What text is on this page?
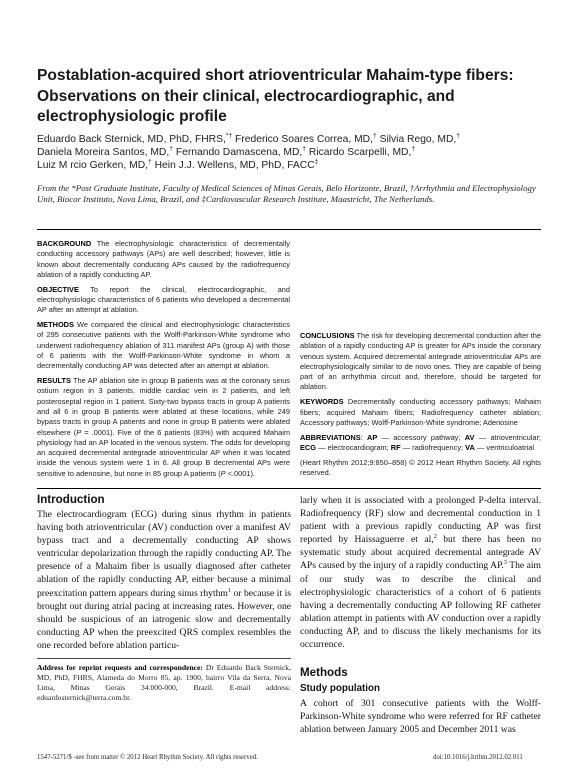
Postablation-acquired short atrioventricular Mahaim-type fibers: Observations on their clinical, electrocardiographic, and electrophysiologic profile
Eduardo Back Sternick, MD, PhD, FHRS,*† Frederico Soares Correa, MD,† Silvia Rego, MD,†
Daniela Moreira Santos, MD,† Fernando Damascena, MD,† Ricardo Scarpelli, MD,†
Luiz M rcio Gerken, MD,† Hein J.J. Wellens, MD, PhD, FACC‡
From the *Post Graduate Institute, Faculty of Medical Sciences of Minas Gerais, Belo Horizonte, Brazil, †Arrhythmia and Electrophysiology Unit, Biocor Instituto, Nova Lima, Brazil, and ‡Cardiovascular Research Institute, Maastricht, The Netherlands.

BACKGROUND The electrophysiologic characteristics of decrementally conducting accessory pathways (APs) are well described; however, little is known about decrementally conducting APs caused by the radiofrequency ablation of a rapidly conducting AP.

OBJECTIVE To report the clinical, electrocardiographic, and electrophysiologic characteristics of 6 patients who developed a decremental AP after an attempt at ablation.

METHODS We compared the clinical and electrophysiologic characteristics of 295 consecutive patients with the Wolff-Parkinson-White syndrome who underwent radiofrequency ablation of 311 manifest APs (group A) with those of 6 patients with the Wolff-Parkinson-White syndrome in whom a decrementally conducting AP was detected after an attempt at ablation.

RESULTS The AP ablation site in group B patients was at the coronary sinus ostium region in 3 patients, middle cardiac vein in 2 patients, and left posteroseptal region in 1 patient. Sixty-two bypass tracts in group A patients and all 6 in group B patients were ablated at these locations, while 249 bypass tracts in group A patients and none in group B patients were ablated elsewhere (P = .0001). Five of the 6 patients (83%) with acquired Mahaim physiology had an AP located in the venous system. The odds for developing an acquired decremental antegrade atrioventricular AP when it was located inside the venous system were 1 in 6. All group B decremental APs were sensitive to adenosine, but none in 85 group A patients (P <.0001).

CONCLUSIONS The risk for developing decremental conduction after the ablation of a rapidly conducting AP is greater for APs inside the coronary venous system. Acquired decremental antegrade atrioventricular APs are electrophysiologically similar to de novo ones. They are capable of being part of an arrhythmia circuit and, therefore, should be targeted for ablation.

KEYWORDS Decrementally conducting accessory pathways; Mahaim fibers; acquired Mahaim fibers; Radiofrequency catheter ablation; Accessory pathways; Wolff-Parkinson-White syndrome; Adenosine

ABBREVIATIONS: AP — accessory pathway; AV — atrioventricular; ECG — electrocardiogram; RF — radiofrequency; VA — ventriculoatrial

(Heart Rhythm 2012;9:850–858) © 2012 Heart Rhythm Society. All rights reserved.

Introduction

The electrocardiogram (ECG) during sinus rhythm in patients having both atrioventricular (AV) conduction over a manifest AV bypass tract and a decrementally conducting AP shows ventricular depolarization through the rapidly conducting AP. The presence of a Mahaim fiber is usually diagnosed after catheter ablation of the rapidly conducting AP, either because a minimal preexcitation pattern appears during sinus rhythm$^1$ or because it is brought out during atrial pacing at increasing rates. However, one should be suspicious of an iatrogenic slow and decrementally conducting AP when the preexcited QRS complex resembles the one recorded before ablation particu-

larly when it is associated with a prolonged P-delta interval. Radiofrequency (RF) slow and decremental conduction in 1 patient with a previous rapidly conducting AP was first reported by Haissaguerre et al,$^2$ but there has been no systematic study about acquired decremental antegrade AV APs caused by the injury of a rapidly conducting AP.$^3$ The aim of our study was to describe the clinical and electrophysiologic characteristics of a cohort of 6 patients having a decrementally conducting AP following RF catheter ablation attempt in patients with AV conduction over a rapidly conducting AP, and to discuss the likely mechanisms for its occurrence.

Methods
Study population
A cohort of 301 consecutive patients with the Wolff-Parkinson-White syndrome who were referred for RF catheter ablation between January 2005 and December 2011 was
Address for reprint requests and correspondence: Dr Eduardo Back Sternick, MD, PhD, FHRS, Alameda do Morro 85, ap. 1900, bairro Vila da Serra, Nova Lima, Minas Gerais 34.000-000, Brazil. E-mail address: eduardosternick@terra.com.br.
1547-5271/$ -see front matter © 2012 Heart Rhythm Society. All rights reserved.	doi:10.1016/j.hrthm.2012.02.011
